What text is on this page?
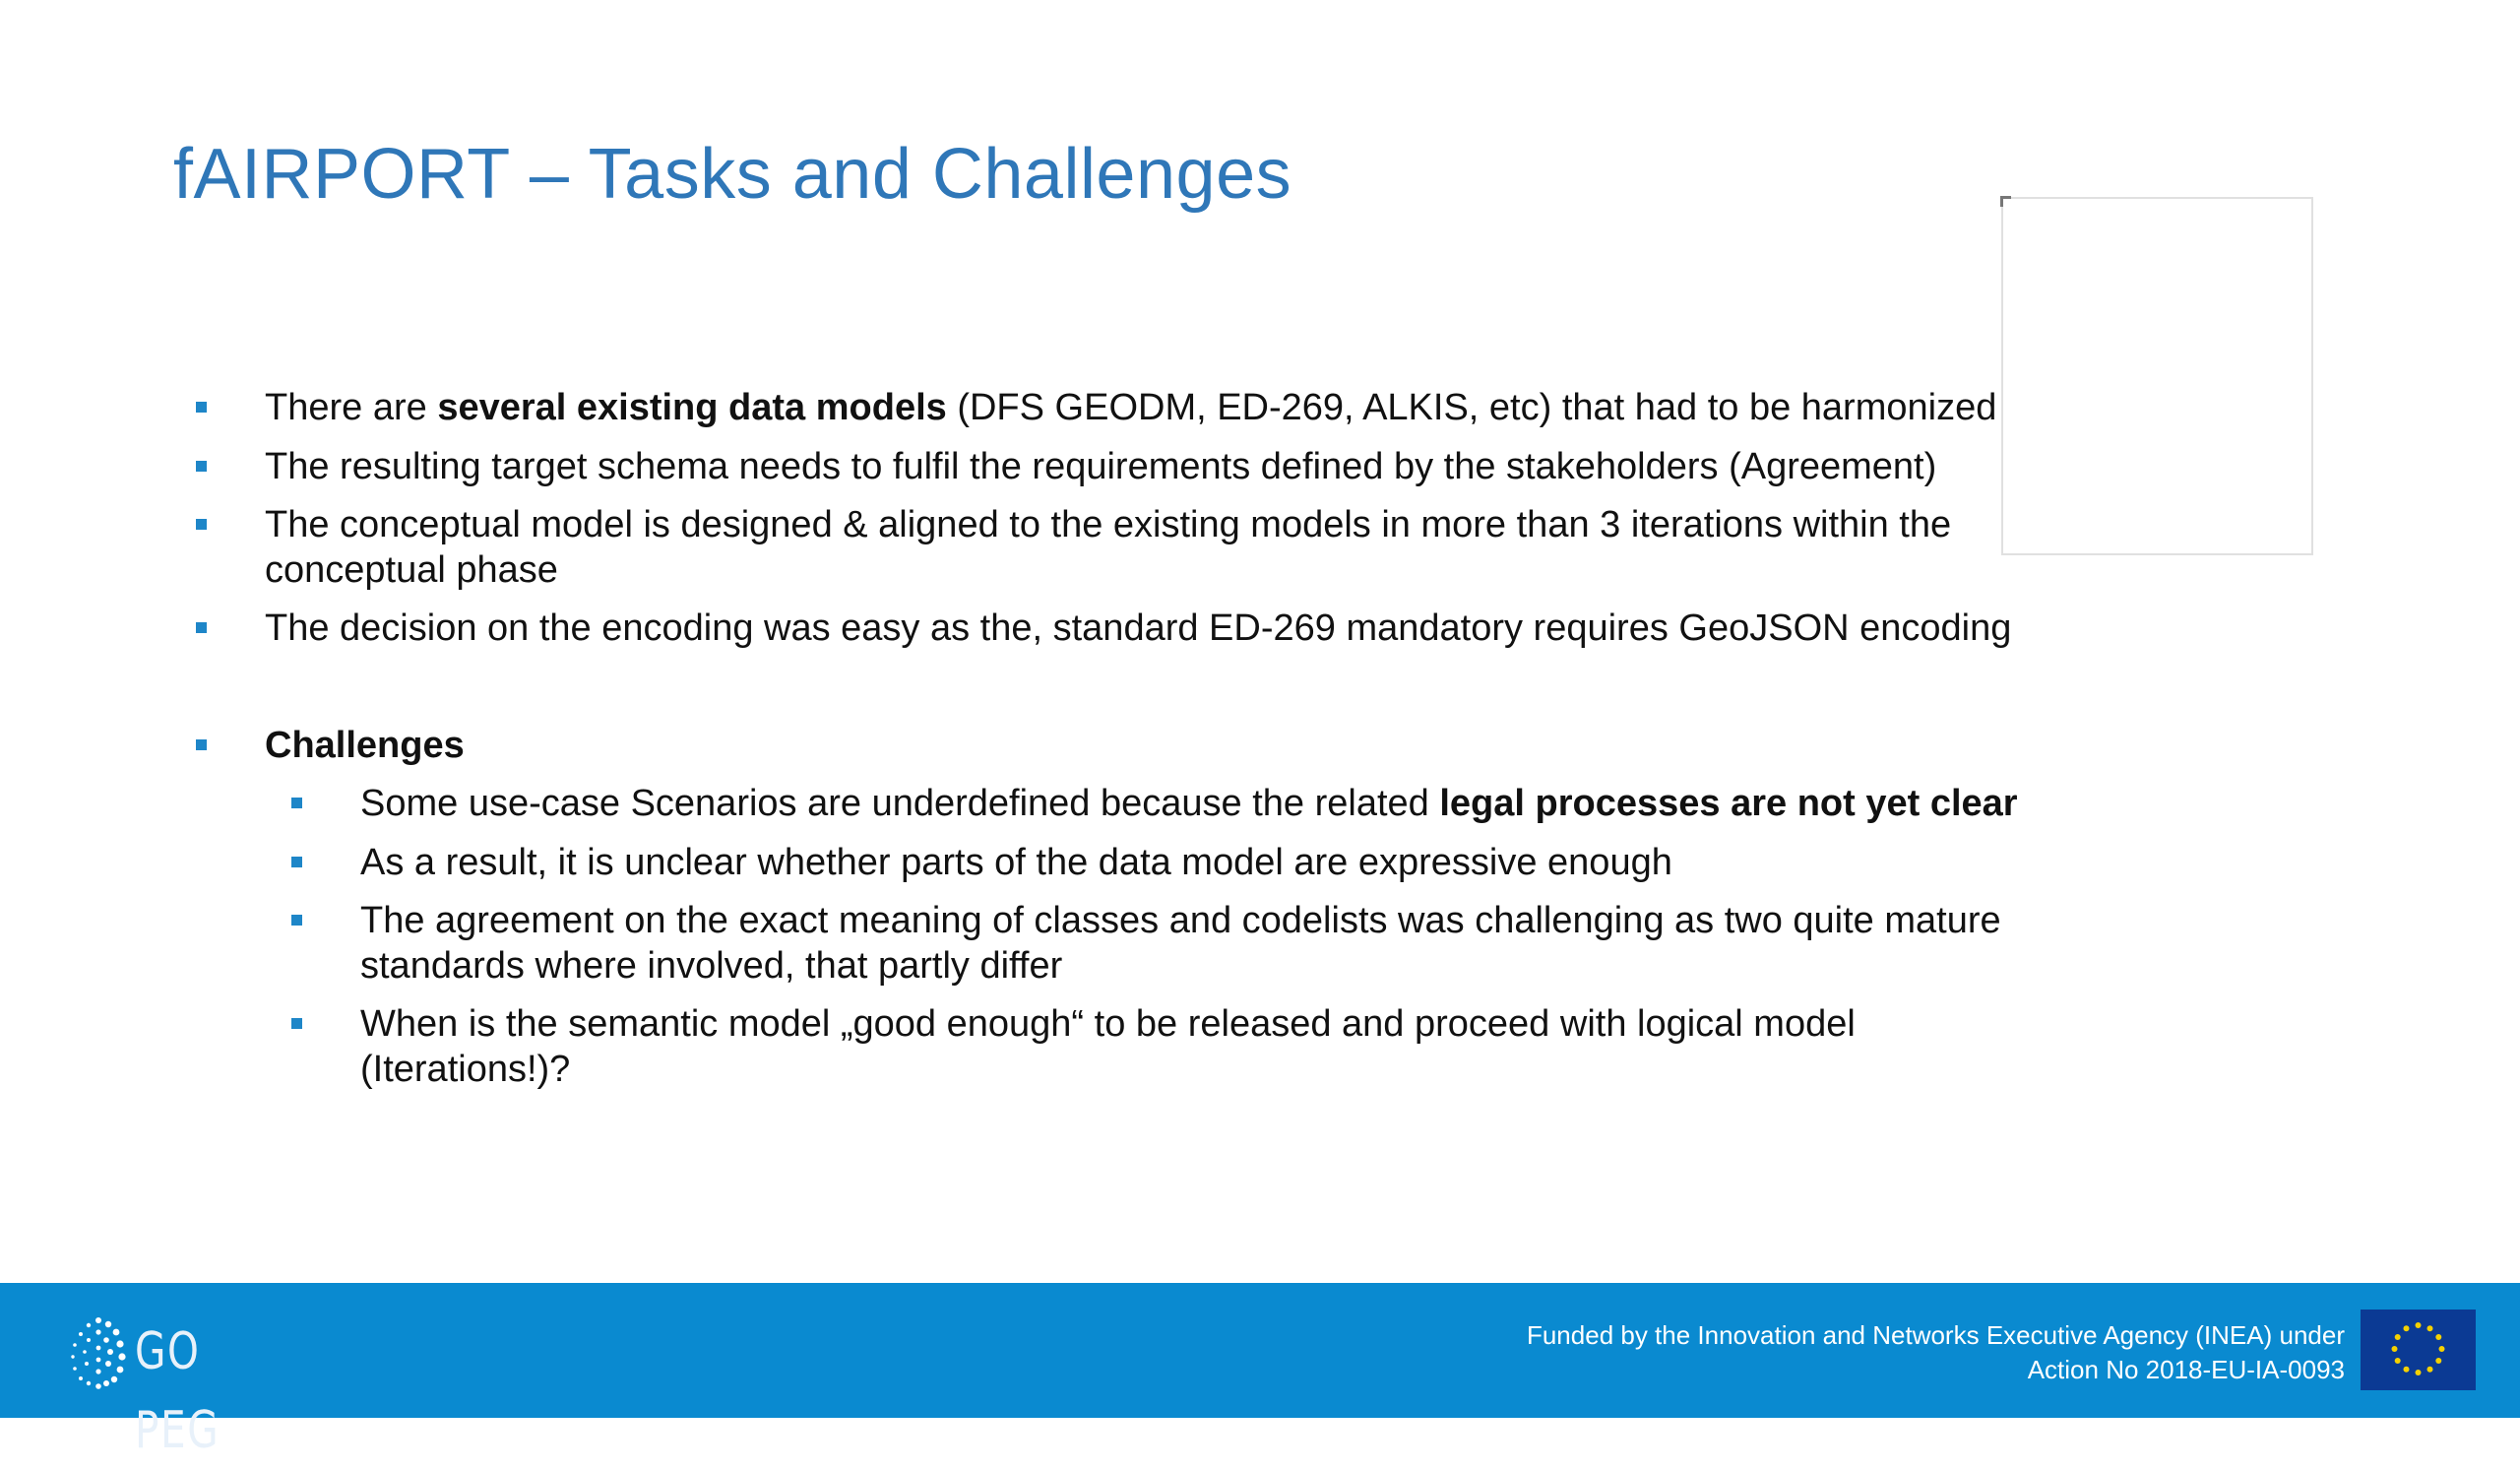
fAIRPORT – Tasks and Challenges
There are several existing data models (DFS GEODM, ED-269, ALKIS, etc) that had to be harmonized
The resulting target schema needs to fulfil the requirements defined by the stakeholders (Agreement)
The conceptual model is designed & aligned to the existing models in more than 3 iterations within the
conceptual phase
The decision on the encoding was easy as the, standard ED-269 mandatory requires GeoJSON encoding
Challenges
Some use-case Scenarios are underdefined because the related legal processes are not yet clear
As a result, it is unclear whether parts of the data model are expressive enough
The agreement on the exact meaning of classes and codelists was challenging as two quite mature
standards where involved, that partly differ
When is the semantic model „good enough“ to be released and proceed with logical model
(Iterations!)?
GO PEG
Funded by the Innovation and Networks Executive Agency (INEA) under
Action No 2018-EU-IA-0093
